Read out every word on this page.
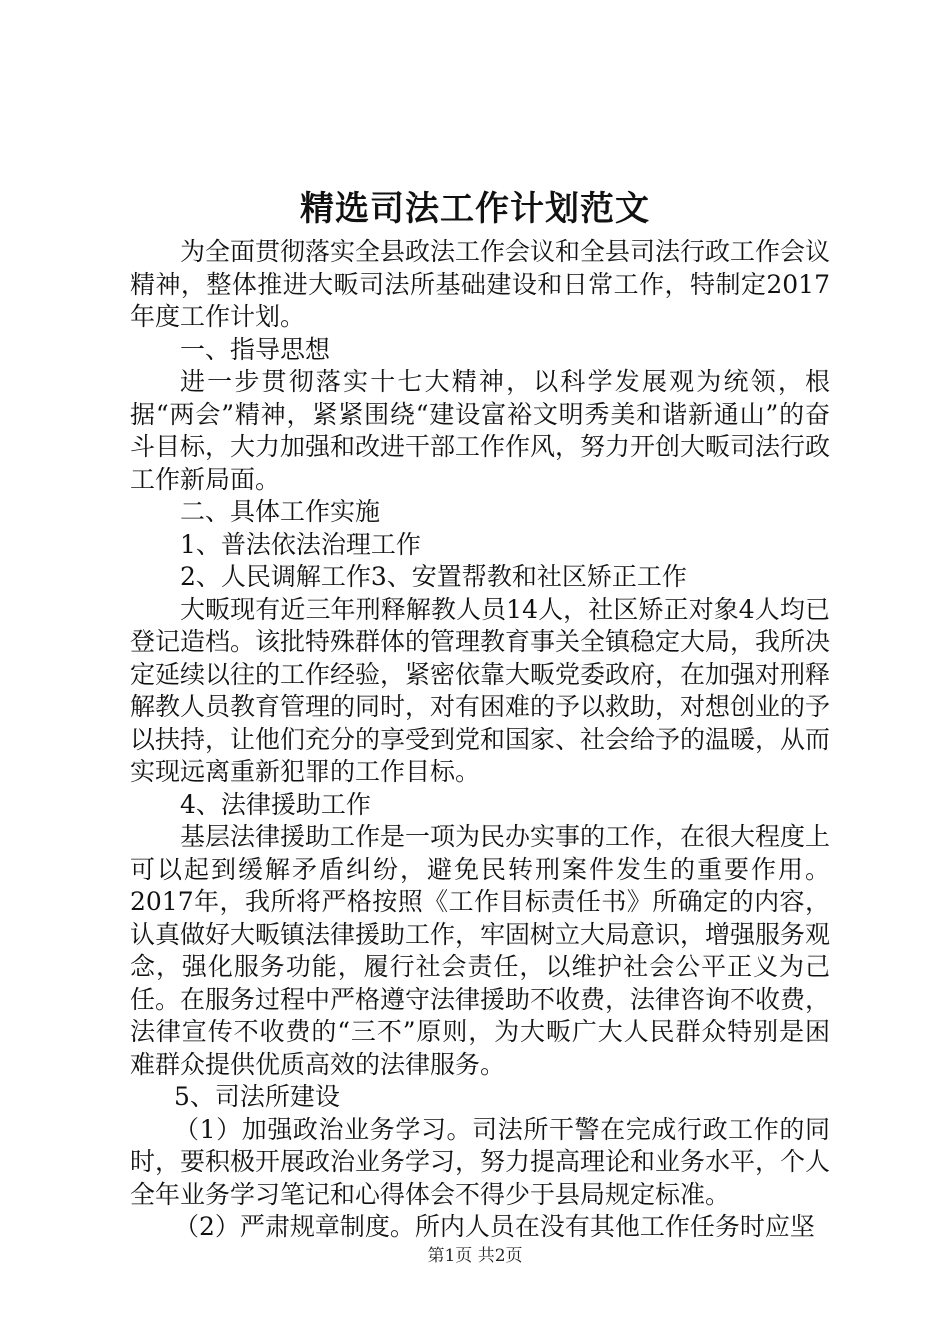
精选司法工作计划范文

为全面贯彻落实全县政法工作会议和全县司法行政工作会议精神，整体推进大畈司法所基础建设和日常工作，特制定2017年度工作计划。

一、指导思想

进一步贯彻落实十七大精神，以科学发展观为统领，根据“两会”精神，紧紧围绕“建设富裕文明秀美和谐新通山”的奋斗目标，大力加强和改进干部工作作风，努力开创大畈司法行政工作新局面。

二、具体工作实施

1、普法依法治理工作

2、人民调解工作3、安置帮教和社区矫正工作

大畈现有近三年刑释解教人员14人，社区矫正对象4人均已登记造档。该批特殊群体的管理教育事关全镇稳定大局，我所决定延续以往的工作经验，紧密依靠大畈党委政府，在加强对刑释解教人员教育管理的同时，对有困难的予以救助，对想创业的予以扶持，让他们充分的享受到党和国家、社会给予的温暖，从而实现远离重新犯罪的工作目标。

4、法律援助工作

基层法律援助工作是一项为民办实事的工作，在很大程度上可以起到缓解矛盾纠纷，避免民转刑案件发生的重要作用。2017年，我所将严格按照《工作目标责任书》所确定的内容，认真做好大畈镇法律援助工作，牢固树立大局意识，增强服务观念，强化服务功能，履行社会责任，以维护社会公平正义为己任。在服务过程中严格遵守法律援助不收费，法律咨询不收费，法律宣传不收费的“三不”原则，为大畈广大人民群众特别是困难群众提供优质高效的法律服务。

5、司法所建设

（1）加强政治业务学习。司法所干警在完成行政工作的同时，要积极开展政治业务学习，努力提高理论和业务水平，个人全年业务学习笔记和心得体会不得少于县局规定标准。

（2）严肃规章制度。所内人员在没有其他工作任务时应坚

第1页 共2页
